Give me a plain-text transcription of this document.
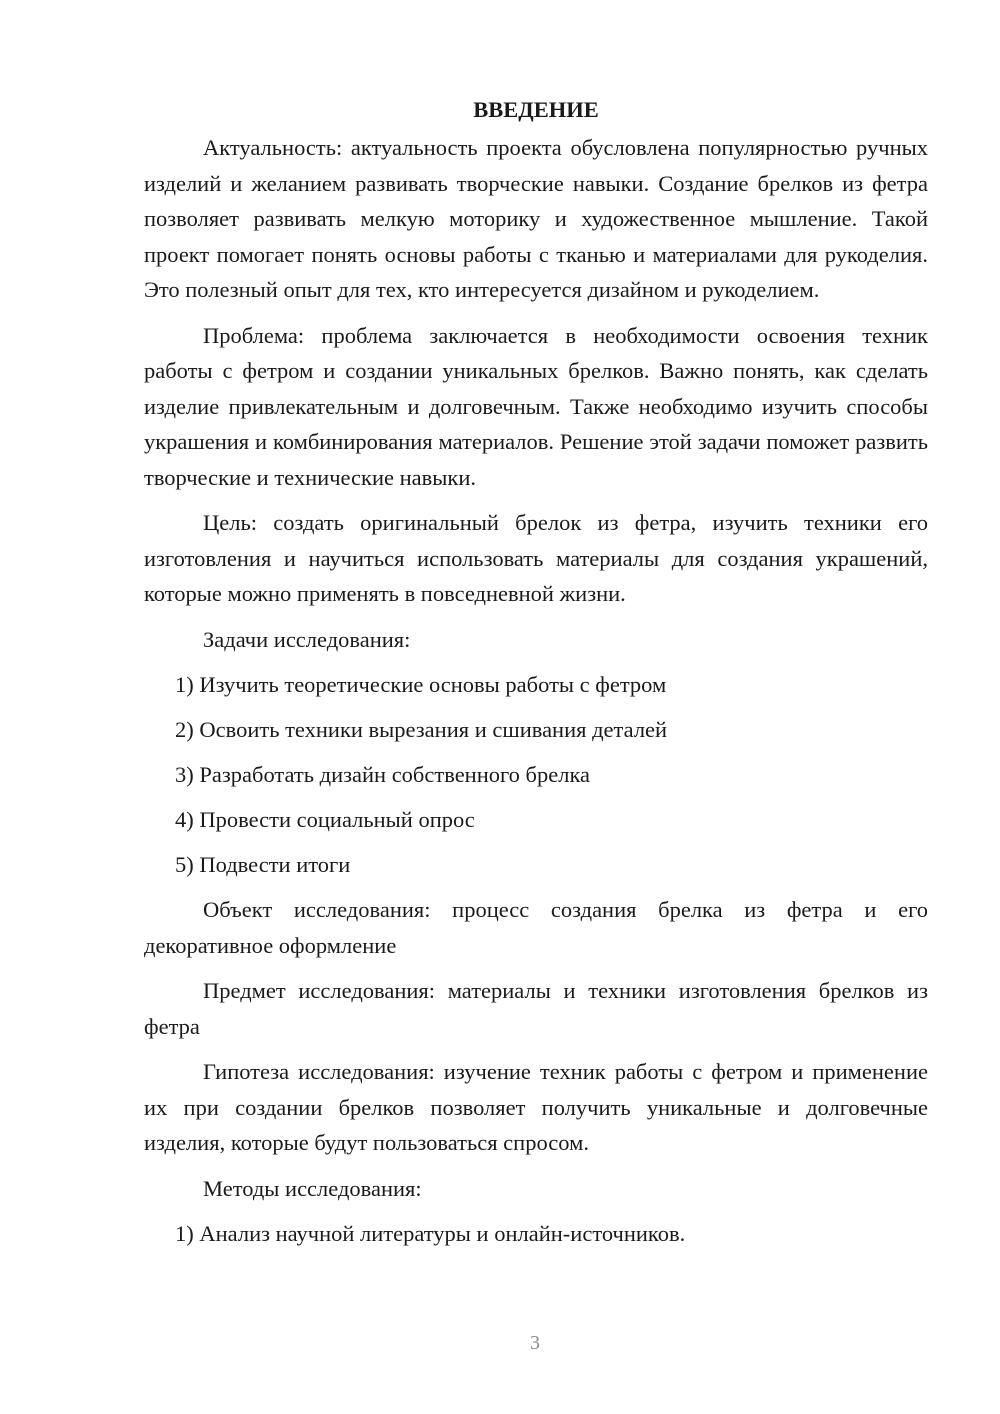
ВВЕДЕНИЕ

Актуальность: актуальность проекта обусловлена популярностью ручных изделий и желанием развивать творческие навыки. Создание брелков из фетра позволяет развивать мелкую моторику и художественное мышление. Такой проект помогает понять основы работы с тканью и материалами для рукоделия. Это полезный опыт для тех, кто интересуется дизайном и рукоделием.

Проблема: проблема заключается в необходимости освоения техник работы с фетром и создании уникальных брелков. Важно понять, как сделать изделие привлекательным и долговечным. Также необходимо изучить способы украшения и комбинирования материалов. Решение этой задачи поможет развить творческие и технические навыки.

Цель: создать оригинальный брелок из фетра, изучить техники его изготовления и научиться использовать материалы для создания украшений, которые можно применять в повседневной жизни.

Задачи исследования:

1) Изучить теоретические основы работы с фетром
2) Освоить техники вырезания и сшивания деталей
3) Разработать дизайн собственного брелка
4) Провести социальный опрос
5) Подвести итоги

Объект исследования: процесс создания брелка из фетра и его декоративное оформление

Предмет исследования: материалы и техники изготовления брелков из фетра

Гипотеза исследования: изучение техник работы с фетром и применение их при создании брелков позволяет получить уникальные и долговечные изделия, которые будут пользоваться спросом.

Методы исследования:

1) Анализ научной литературы и онлайн-источников.
3
